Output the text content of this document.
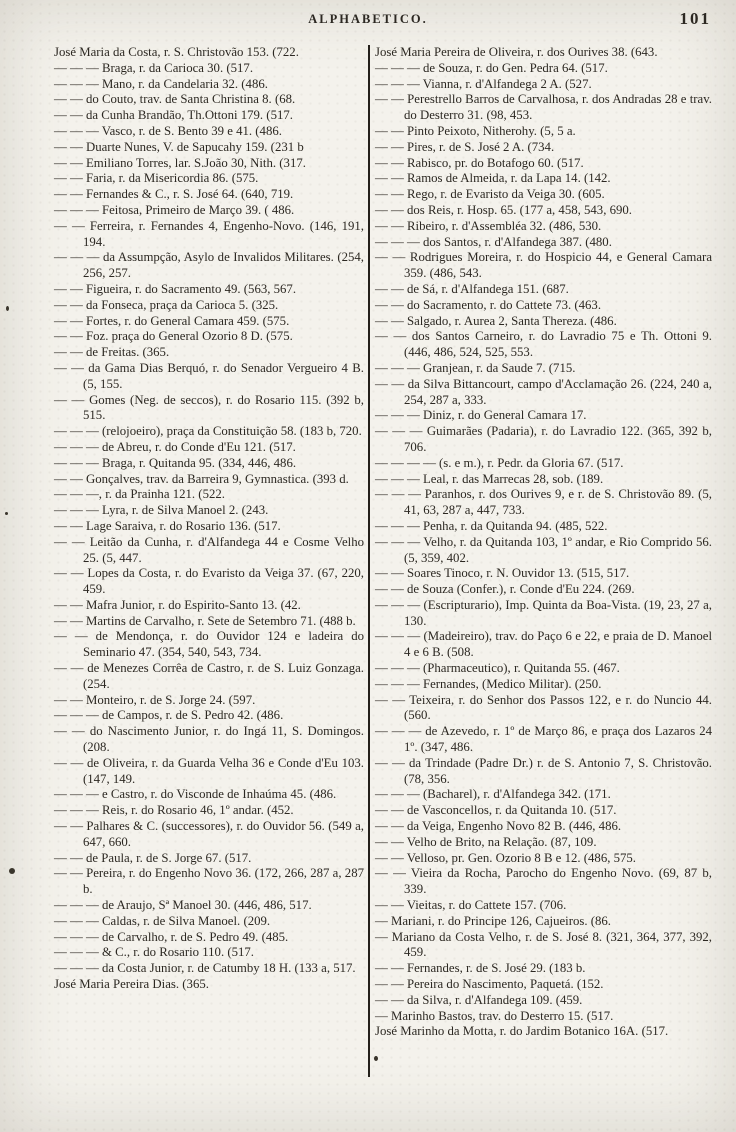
ALPHABETICO.	101

José Maria da Costa, r. S. Christovão 153. (722.

— — — Braga, r. da Carioca 30. (517.

— — — Mano, r. da Candelaria 32. (486.

— — do Couto, trav. de Santa Christina 8. (68.

— — da Cunha Brandão, Th.Ottoni 179. (517.

— — — Vasco, r. de S. Bento 39 e 41. (486.

— — Duarte Nunes, V. de Sapucahy 159. (231 b

— — Emiliano Torres, lar. S.João 30, Nith. (317.

— — Faria, r. da Misericordia 86. (575.

— — Fernandes & C., r. S. José 64. (640, 719.

— — — Feitosa, Primeiro de Março 39. ( 486.

— — Ferreira, r. Fernandes 4, Engenho-Novo. (146, 191, 194.

— — — da Assumpção, Asylo de Invalidos Militares. (254, 256, 257.

— — Figueira, r. do Sacramento 49. (563, 567.

— — da Fonseca, praça da Carioca 5. (325.

— — Fortes, r. do General Camara 459. (575.

— — Foz. praça do General Ozorio 8 D. (575.

— — de Freitas. (365.

— — da Gama Dias Berquó, r. do Senador Vergueiro 4 B. (5, 155.

— — Gomes (Neg. de seccos), r. do Rosario 115. (392 b, 515.

— — — (relojoeiro), praça da Constituição 58. (183 b, 720.

— — — de Abreu, r. do Conde d'Eu 121. (517.

— — — Braga, r. Quitanda 95. (334, 446, 486.

— — Gonçalves, trav. da Barreira 9, Gymnastica. (393 d.

— — —, r. da Prainha 121. (522.

— — — Lyra, r. de Silva Manoel 2. (243.

— — Lage Saraiva, r. do Rosario 136. (517.

— — Leitão da Cunha, r. d'Alfandega 44 e Cosme Velho 25. (5, 447.

— — Lopes da Costa, r. do Evaristo da Veiga 37. (67, 220, 459.

— — Mafra Junior, r. do Espirito-Santo 13. (42.

— — Martins de Carvalho, r. Sete de Setembro 71. (488 b.

— — de Mendonça, r. do Ouvidor 124 e ladeira do Seminario 47. (354, 540, 543, 734.

— — de Menezes Corrêa de Castro, r. de S. Luiz Gonzaga. (254.

— — Monteiro, r. de S. Jorge 24. (597.

— — — de Campos, r. de S. Pedro 42. (486.

— — do Nascimento Junior, r. do Ingá 11, S. Domingos. (208.

— — de Oliveira, r. da Guarda Velha 36 e Conde d'Eu 103. (147, 149.

— — — e Castro, r. do Visconde de Inhaúma 45. (486.

— — — Reis, r. do Rosario 46, 1º andar. (452.

— — Palhares & C. (successores), r. do Ouvidor 56. (549 a, 647, 660.

— — de Paula, r. de S. Jorge 67. (517.

— — Pereira, r. do Engenho Novo 36. (172, 266, 287 a, 287 b.

— — — de Araujo, Sª Manoel 30. (446, 486, 517.

— — — Caldas, r. de Silva Manoel. (209.

— — — de Carvalho, r. de S. Pedro 49. (485.

— — — & C., r. do Rosario 110. (517.

— — — da Costa Junior, r. de Catumby 18 H. (133 a, 517.

José Maria Pereira Dias. (365.

José Maria Pereira de Oliveira, r. dos Ourives 38. (643.

— — — de Souza, r. do Gen. Pedra 64. (517.

— — — Vianna, r. d'Alfandega 2 A. (527.

— — Perestrello Barros de Carvalhosa, r. dos Andradas 28 e trav. do Desterro 31. (98, 453.

— — Pinto Peixoto, Nitherohy. (5, 5 a.

— — Pires, r. de S. José 2 A. (734.

— — Rabisco, pr. do Botafogo 60. (517.

— — Ramos de Almeida, r. da Lapa 14. (142.

— — Rego, r. de Evaristo da Veiga 30. (605.

— — dos Reis, r. Hosp. 65. (177 a, 458, 543, 690.

— — Ribeiro, r. d'Assembléa 32. (486, 530.

— — — dos Santos, r. d'Alfandega 387. (480.

— — Rodrigues Moreira, r. do Hospicio 44, e General Camara 359. (486, 543.

— — de Sá, r. d'Alfandega 151. (687.

— — do Sacramento, r. do Cattete 73. (463.

— — Salgado, r. Aurea 2, Santa Thereza. (486.

— — dos Santos Carneiro, r. do Lavradio 75 e Th. Ottoni 9. (446, 486, 524, 525, 553.

— — — Granjean, r. da Saude 7. (715.

— — da Silva Bittancourt, campo d'Acclamação 26. (224, 240 a, 254, 287 a, 333.

— — — Diniz, r. do General Camara 17.

— — — Guimarães (Padaria), r. do Lavradio 122. (365, 392 b, 706.

— — — — (s. e m.), r. Pedr. da Gloria 67. (517.

— — — Leal, r. das Marrecas 28, sob. (189.

— — — Paranhos, r. dos Ourives 9, e r. de S. Christovão 89. (5, 41, 63, 287 a, 447, 733.

— — — Penha, r. da Quitanda 94. (485, 522.

— — — Velho, r. da Quitanda 103, 1º andar, e Rio Comprido 56. (5, 359, 402.

— — Soares Tinoco, r. N. Ouvidor 13. (515, 517.

— — de Souza (Confer.), r. Conde d'Eu 224. (269.

— — — (Escripturario), Imp. Quinta da Boa-Vista. (19, 23, 27 a, 130.

— — — (Madeireiro), trav. do Paço 6 e 22, e praia de D. Manoel 4 e 6 B. (508.

— — — (Pharmaceutico), r. Quitanda 55. (467.

— — — Fernandes, (Medico Militar). (250.

— — Teixeira, r. do Senhor dos Passos 122, e r. do Nuncio 44. (560.

— — — de Azevedo, r. 1º de Março 86, e praça dos Lazaros 24 1º. (347, 486.

— — da Trindade (Padre Dr.) r. de S. Antonio 7, S. Christovão. (78, 356.

— — — (Bacharel), r. d'Alfandega 342. (171.

— — de Vasconcellos, r. da Quitanda 10. (517.

— — da Veiga, Engenho Novo 82 B. (446, 486.

— — Velho de Brito, na Relação. (87, 109.

— — Velloso, pr. Gen. Ozorio 8 B e 12. (486, 575.

— — Vieira da Rocha, Parocho do Engenho Novo. (69, 87 b, 339.

— — Vieitas, r. do Cattete 157. (706.

— Mariani, r. do Principe 126, Cajueiros. (86.

— Mariano da Costa Velho, r. de S. José 8. (321, 364, 377, 392, 459.

— — Fernandes, r. de S. José 29. (183 b.

— — Pereira do Nascimento, Paquetá. (152.

— — da Silva, r. d'Alfandega 109. (459.

— Marinho Bastos, trav. do Desterro 15. (517.

José Marinho da Motta, r. do Jardim Botanico 16A. (517.
